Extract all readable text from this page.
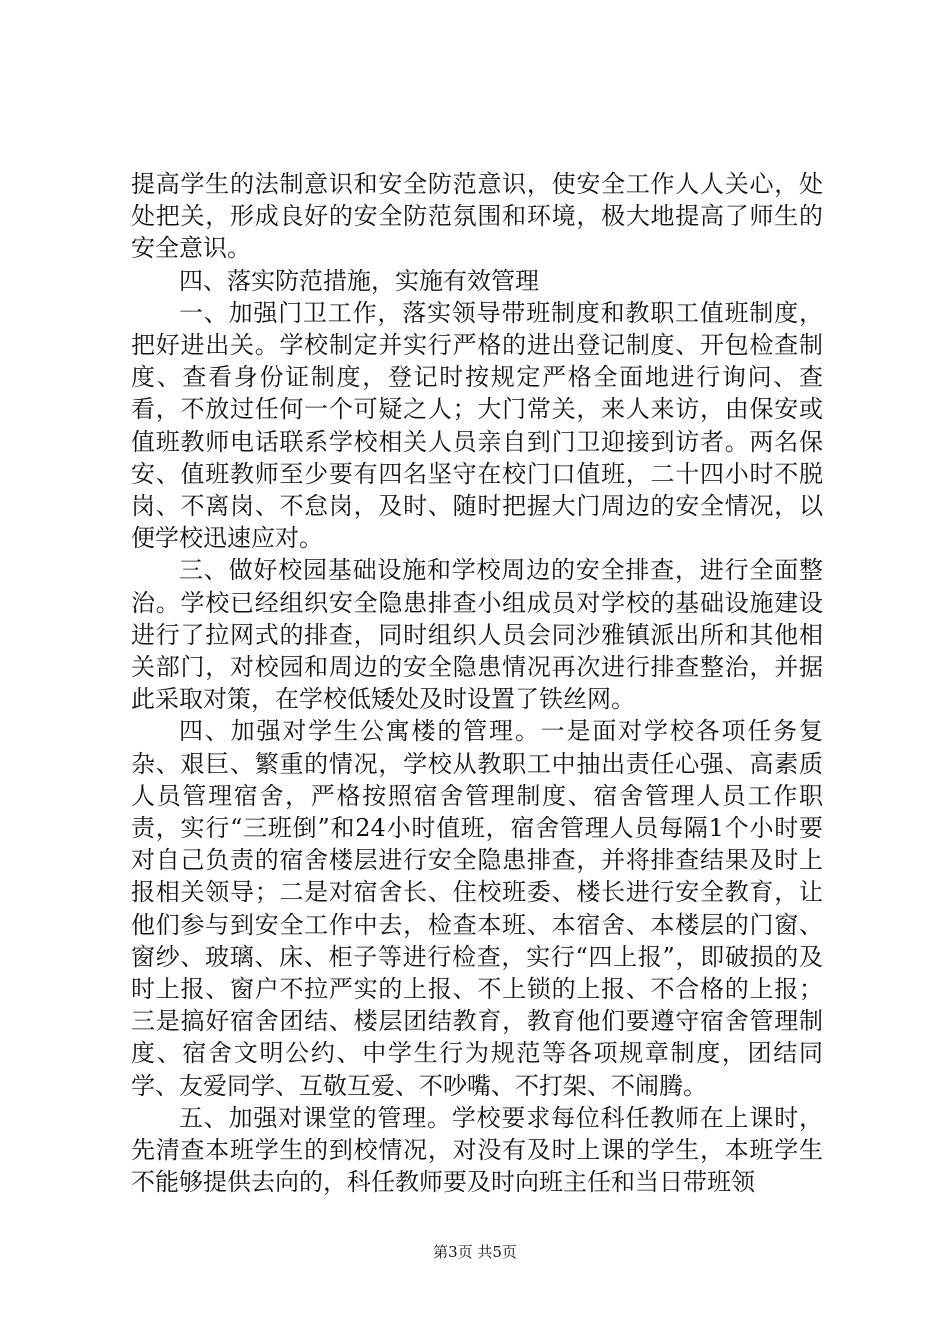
提高学生的法制意识和安全防范意识，使安全工作人人关心，处处把关，形成良好的安全防范氛围和环境，极大地提高了师生的安全意识。

四、落实防范措施，实施有效管理

一、加强门卫工作，落实领导带班制度和教职工值班制度，把好进出关。学校制定并实行严格的进出登记制度、开包检查制度、查看身份证制度，登记时按规定严格全面地进行询问、查看，不放过任何一个可疑之人；大门常关，来人来访，由保安或值班教师电话联系学校相关人员亲自到门卫迎接到访者。两名保安、值班教师至少要有四名坚守在校门口值班，二十四小时不脱岗、不离岗、不怠岗，及时、随时把握大门周边的安全情况，以便学校迅速应对。

三、做好校园基础设施和学校周边的安全排查，进行全面整治。学校已经组织安全隐患排查小组成员对学校的基础设施建设进行了拉网式的排查，同时组织人员会同沙雅镇派出所和其他相关部门，对校园和周边的安全隐患情况再次进行排查整治，并据此采取对策，在学校低矮处及时设置了铁丝网。

四、加强对学生公寓楼的管理。一是面对学校各项任务复杂、艰巨、繁重的情况，学校从教职工中抽出责任心强、高素质人员管理宿舍，严格按照宿舍管理制度、宿舍管理人员工作职责，实行“三班倒”和24小时值班，宿舍管理人员每隔1个小时要对自己负责的宿舍楼层进行安全隐患排查，并将排查结果及时上报相关领导；二是对宿舍长、住校班委、楼长进行安全教育，让他们参与到安全工作中去，检查本班、本宿舍、本楼层的门窗、窗纱、玻璃、床、柜子等进行检查，实行“四上报”，即破损的及时上报、窗户不拉严实的上报、不上锁的上报、不合格的上报；三是搞好宿舍团结、楼层团结教育，教育他们要遵守宿舍管理制度、宿舍文明公约、中学生行为规范等各项规章制度，团结同学、友爱同学、互敬互爱、不吵嘴、不打架、不闹腾。

五、加强对课堂的管理。学校要求每位科任教师在上课时，先清查本班学生的到校情况，对没有及时上课的学生，本班学生不能够提供去向的，科任教师要及时向班主任和当日带班领

第3页 共5页
